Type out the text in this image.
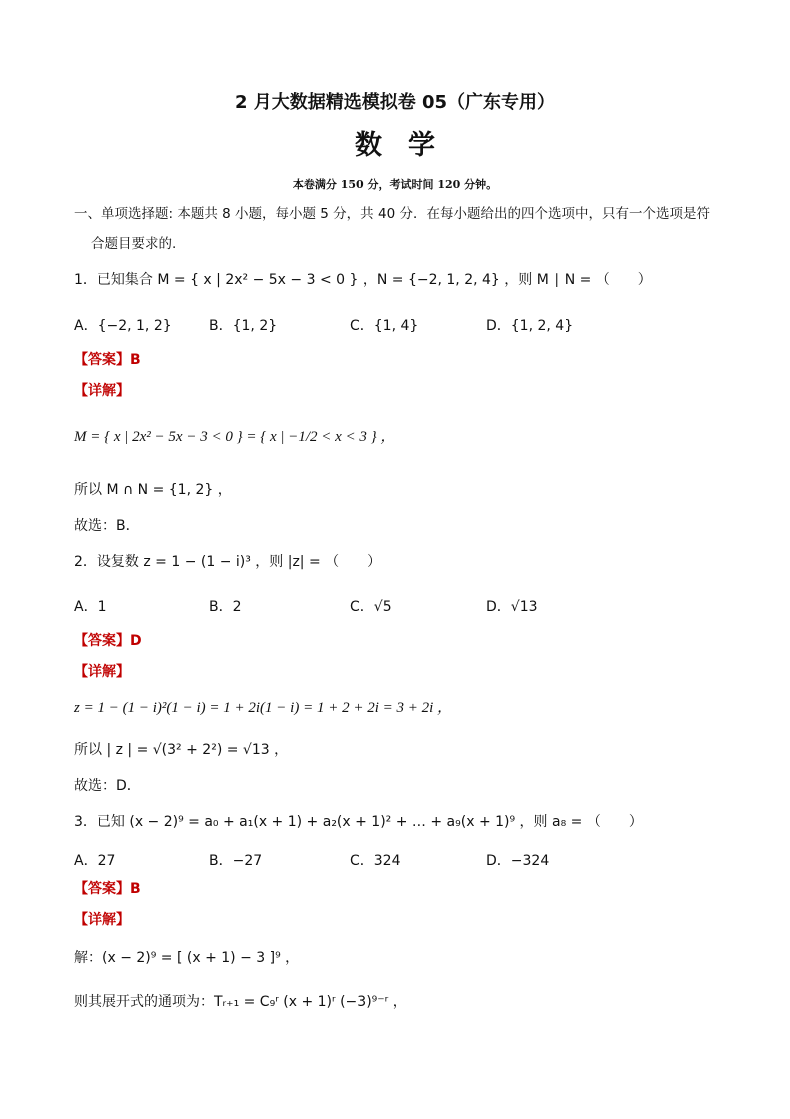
2 月大数据精选模拟卷 05（广东专用）
数学
本卷满分 150 分，考试时间 120 分钟。
一、单项选择题: 本题共 8 小题，每小题 5 分，共 40 分．在每小题给出的四个选项中，只有一个选项是符
合题目要求的.
1．已知集合 M = { x | 2x² − 5x − 3 < 0 } ，N = {−2, 1, 2, 4} ，则 M ∣ N = （　　）
A．{−2, 1, 2}	B．{1, 2}	C．{1, 4}	D．{1, 2, 4}
【答案】B
【详解】
M = { x | 2x² − 5x − 3 < 0 } = { x | −1/2 < x < 3 } ，
所以 M ∩ N = {1, 2} ，
故选：B．
2．设复数 z = 1 − (1 − i)³ ，则 |z| = （　　）
A．1	B．2	C．√5	D．√13
【答案】D
【详解】
z = 1 − (1 − i)²(1 − i) = 1 + 2i(1 − i) = 1 + 2 + 2i = 3 + 2i ，
所以 | z | = √(3² + 2²) = √13 ，
故选：D．
3．已知 (x − 2)⁹ = a₀ + a₁(x + 1) + a₂(x + 1)² + … + a₉(x + 1)⁹ ，则 a₈ = （　　）
A．27	B．−27	C．324	D．−324
【答案】B
【详解】
解：(x − 2)⁹ = [ (x + 1) − 3 ]⁹ ，
则其展开式的通项为：Tᵣ₊₁ = C₉ʳ (x + 1)ʳ (−3)⁹⁻ʳ ，
